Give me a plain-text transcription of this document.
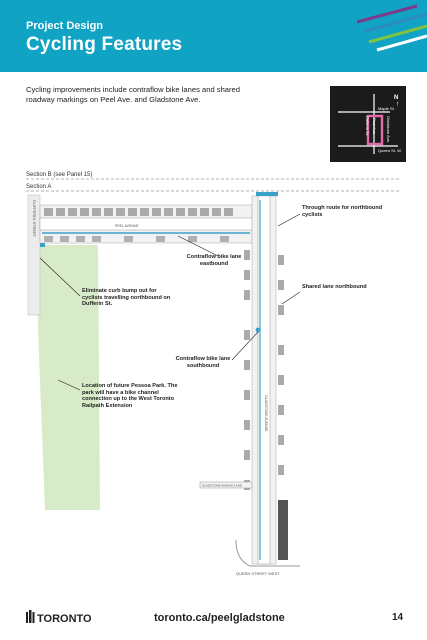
Project Design
Cycling Features
Cycling improvements include contraflow bike lanes and shared roadway markings on Peel Ave. and Gladstone Ave.	N
↑
Maple St.
Queen St. W.
Dufferin St. Peel Ave. Gladstone Ave.
Section B (see Panel 15)
Section A
DUFFERIN STREET	PEEL AVENUE
GLADSTONE AVENUE
GLADSTONE AVENUE LANE
QUEEN STREET WEST
Through route for northbound cyclists
Contraflow bike lane eastbound
Shared lane northbound
Eliminate curb bump out for cyclists travelling northbound on Dufferin St.
Contraflow bike lane southbound
Location of future Pessoa Park. The park will have a bike channel connection up to the West Toronto Railpath Extension
TORONTO	toronto.ca/peelgladstone	14
